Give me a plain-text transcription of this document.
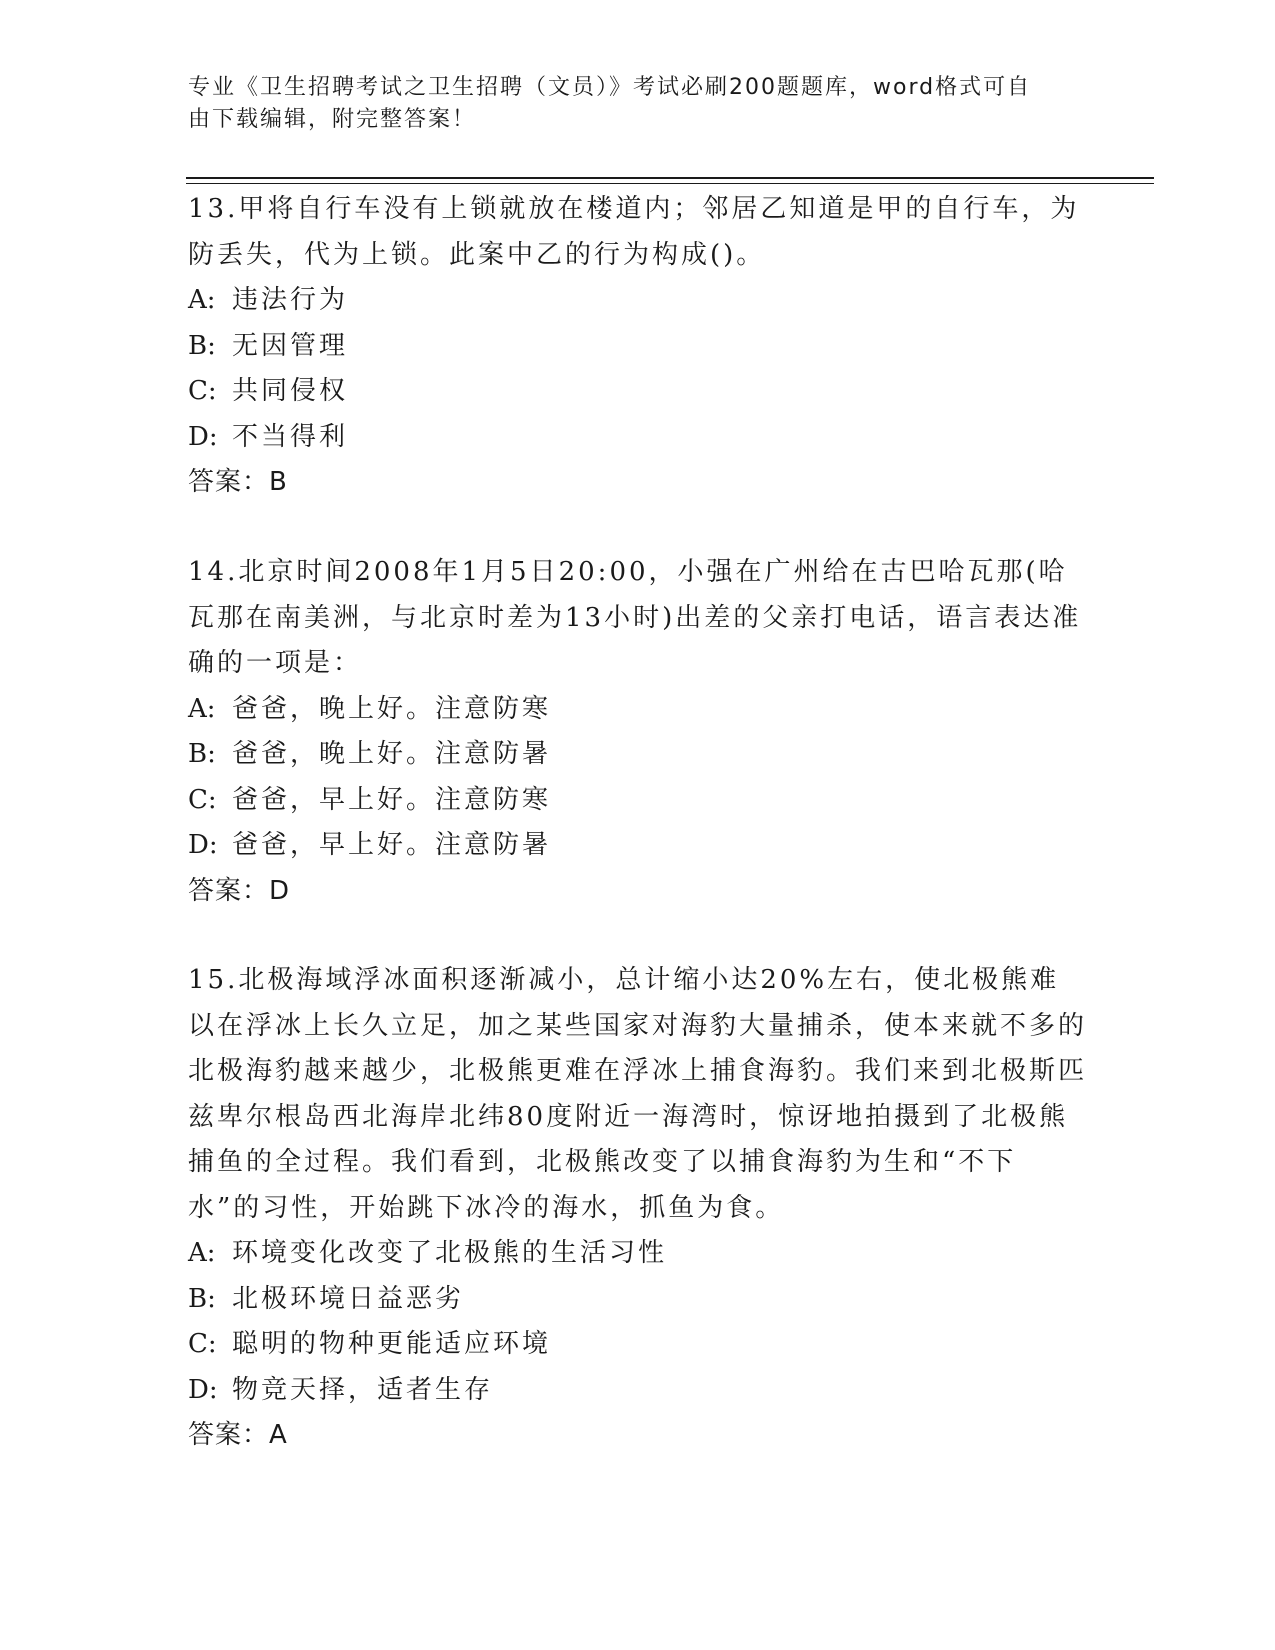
专业《卫生招聘考试之卫生招聘（文员）》考试必刷200题题库，word格式可自
由下载编辑，附完整答案！

13.甲将自行车没有上锁就放在楼道内；邻居乙知道是甲的自行车，为防丢失，代为上锁。此案中乙的行为构成()。

A: 违法行为

B: 无因管理

C: 共同侵权

D: 不当得利

答案：B

14.北京时间2008年1月5日20:00，小强在广州给在古巴哈瓦那(哈瓦那在南美洲，与北京时差为13小时)出差的父亲打电话，语言表达准确的一项是：

A: 爸爸，晚上好。注意防寒

B: 爸爸，晚上好。注意防暑

C: 爸爸，早上好。注意防寒

D: 爸爸，早上好。注意防暑

答案：D

15.北极海域浮冰面积逐渐减小，总计缩小达20%左右，使北极熊难以在浮冰上长久立足，加之某些国家对海豹大量捕杀，使本来就不多的北极海豹越来越少，北极熊更难在浮冰上捕食海豹。我们来到北极斯匹兹卑尔根岛西北海岸北纬80度附近一海湾时，惊讶地拍摄到了北极熊捕鱼的全过程。我们看到，北极熊改变了以捕食海豹为生和“不下水”的习性，开始跳下冰冷的海水，抓鱼为食。

A: 环境变化改变了北极熊的生活习性

B: 北极环境日益恶劣

C: 聪明的物种更能适应环境

D: 物竞天择，适者生存

答案：A
